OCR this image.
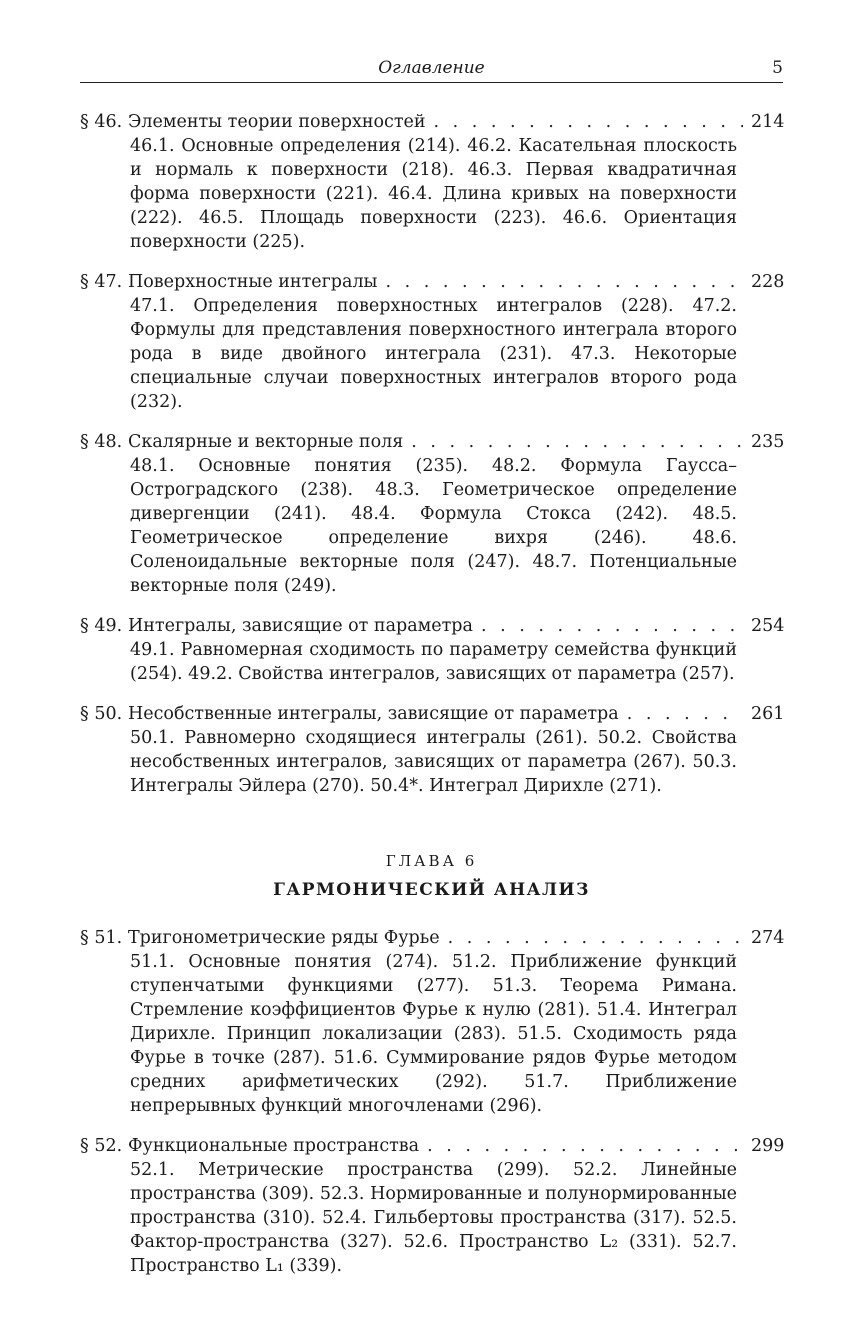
Оглавление	5
§ 46. Элементы теории поверхностей . . .	214
46.1. Основные определения (214). 46.2. Касательная плоскость и нормаль к поверхности (218). 46.3. Первая квадратичная форма поверхности (221). 46.4. Длина кривых на поверхности (222). 46.5. Площадь поверхности (223). 46.6. Ориентация поверхности (225).
§ 47. Поверхностные интегралы . . .	228
47.1. Определения поверхностных интегралов (228). 47.2. Формулы для представления поверхностного интеграла второго рода в виде двойного интеграла (231). 47.3. Некоторые специальные случаи поверхностных интегралов второго рода (232).
§ 48. Скалярные и векторные поля . . .	235
48.1. Основные понятия (235). 48.2. Формула Гаусса–Остроградского (238). 48.3. Геометрическое определение дивергенции (241). 48.4. Формула Стокса (242). 48.5. Геометрическое определение вихря (246). 48.6. Соленоидальные векторные поля (247). 48.7. Потенциальные векторные поля (249).
§ 49. Интегралы, зависящие от параметра . . .	254
49.1. Равномерная сходимость по параметру семейства функций (254). 49.2. Свойства интегралов, зависящих от параметра (257).
§ 50. Несобственные интегралы, зависящие от параметра . . .	261
50.1. Равномерно сходящиеся интегралы (261). 50.2. Свойства несобственных интегралов, зависящих от параметра (267). 50.3. Интегралы Эйлера (270). 50.4*. Интеграл Дирихле (271).
ГЛАВА 6
ГАРМОНИЧЕСКИЙ АНАЛИЗ
§ 51. Тригонометрические ряды Фурье . . .	274
51.1. Основные понятия (274). 51.2. Приближение функций ступенчатыми функциями (277). 51.3. Теорема Римана. Стремление коэффициентов Фурье к нулю (281). 51.4. Интеграл Дирихле. Принцип локализации (283). 51.5. Сходимость ряда Фурье в точке (287). 51.6. Суммирование рядов Фурье методом средних арифметических (292). 51.7. Приближение непрерывных функций многочленами (296).
§ 52. Функциональные пространства . . .	299
52.1. Метрические пространства (299). 52.2. Линейные пространства (309). 52.3. Нормированные и полунормированные пространства (310). 52.4. Гильбертовы пространства (317). 52.5. Фактор-пространства (327). 52.6. Пространство L₂ (331). 52.7. Пространство L₁ (339).
